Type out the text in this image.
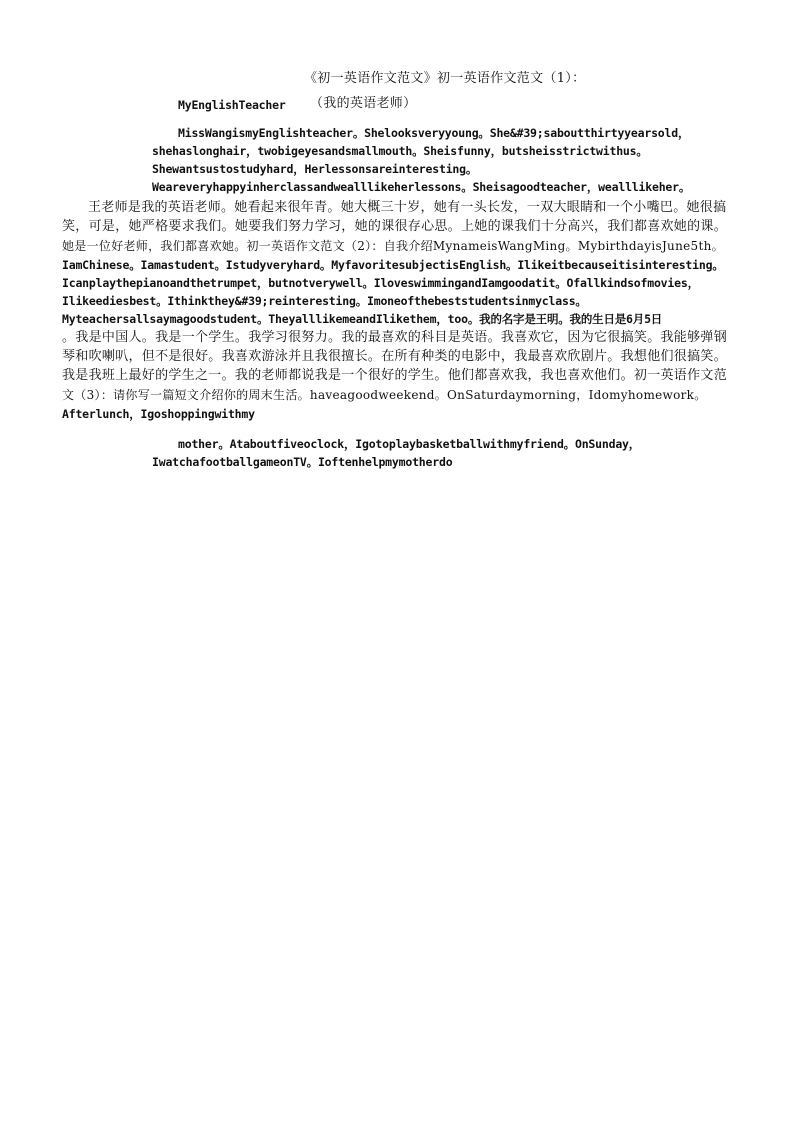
《初一英语作文范文》初一英语作文范文（1）：
MyEnglishTeacher （我的英语老师）
MissWangismyEnglishteacher。Shelooksveryyoung。She&#39;saboutthirtyyearsold，
shehaslonghair，twobigeyesandsmallmouth。Sheisfunny，butsheisstrictwithus。
Shewantsustostudyhard，Herlessonsareinteresting。
Weareveryhappyinherclassandwealllikeherlessons。Sheisagoodteacher，wealllikeher。
王老师是我的英语老师。她看起来很年青。她大概三十岁，她有一头长发，一双大眼睛和一个小嘴巴。她很搞
笑，可是，她严格要求我们。她要我们努力学习，她的课很存心思。上她的课我们十分高兴，我们都喜欢她的课。
她是一位好老师，我们都喜欢她。初一英语作文范文（2）：自我介绍MynameisWangMing。MybirthdayisJune5th。
IamChinese。Iamastudent。Istudyveryhard。MyfavoritesubjectisEnglish。Ilikeitbecauseitisinteresting。
Icanplaythepianoandthetrumpet，butnotverywell。IloveswimmingandIamgoodatit。Ofallkindsofmovies，
Ilikeediesbest。Ithinkthey&#39;reinteresting。Imoneofthebeststudentsinmyclass。
Myteachersallsaymagoodstudent。TheyalllikemeandIlikethem，too。我的名字是王明。我的生日是6月5日
。我是中国人。我是一个学生。我学习很努力。我的最喜欢的科目是英语。我喜欢它，因为它很搞笑。我能够弹钢
琴和吹喇叭，但不是很好。我喜欢游泳并且我很擅长。在所有种类的电影中，我最喜欢欣剧片。我想他们很搞笑。
我是我班上最好的学生之一。我的老师都说我是一个很好的学生。他们都喜欢我，我也喜欢他们。初一英语作文范
文（3）：请你写一篇短文介绍你的周末生活。haveagoodweekend。OnSaturdaymorning，Idomyhomework。
Afterlunch，Igoshoppingwithmy
mother。Ataboutfiveoclock，Igotoplaybasketballwithmyfriend。OnSunday，
IwatchafootballgameonTV。Ioftenhelpmymotherdo
